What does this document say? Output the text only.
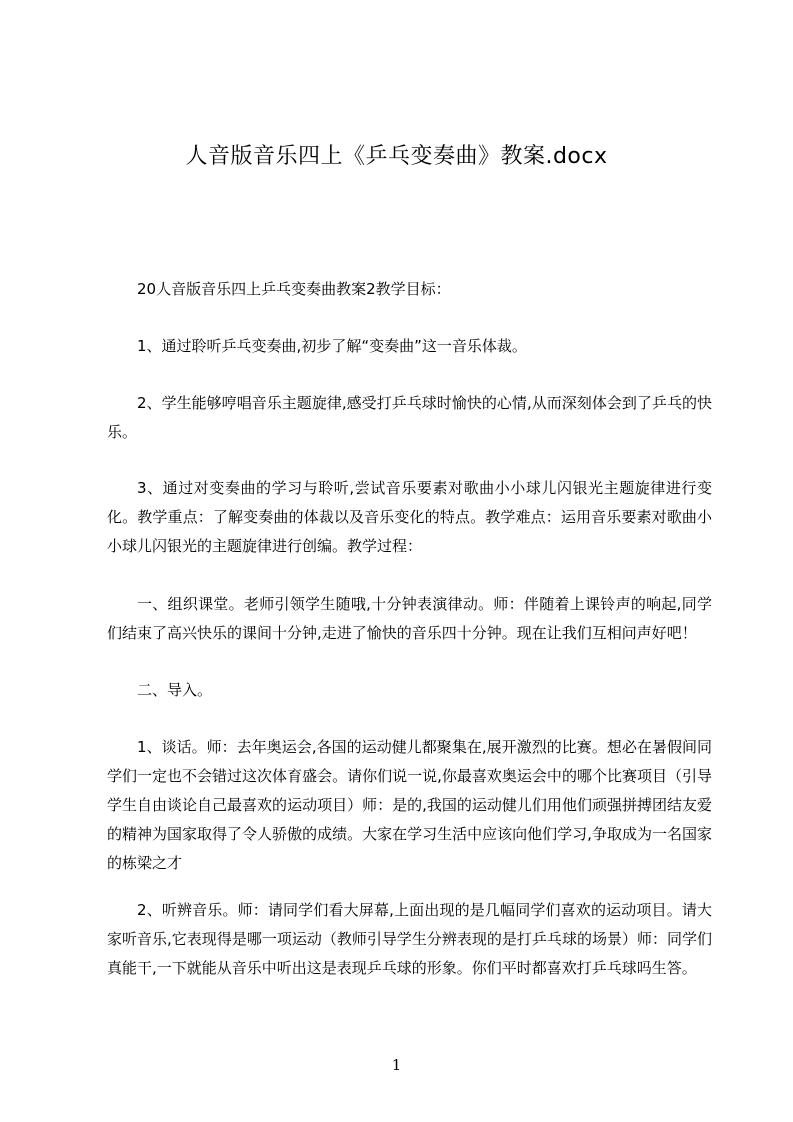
人音版音乐四上《乒乓变奏曲》教案.docx

20人音版音乐四上乒乓变奏曲教案2教学目标：

1、通过聆听乒乓变奏曲,初步了解“变奏曲”这一音乐体裁。

2、学生能够哼唱音乐主题旋律,感受打乒乓球时愉快的心情,从而深刻体会到了乒乓的快乐。

3、通过对变奏曲的学习与聆听,尝试音乐要素对歌曲小小球儿闪银光主题旋律进行变化。教学重点：了解变奏曲的体裁以及音乐变化的特点。教学难点：运用音乐要素对歌曲小小球儿闪银光的主题旋律进行创编。教学过程：

一、组织课堂。老师引领学生随哦,十分钟表演律动。师：伴随着上课铃声的响起,同学们结束了高兴快乐的课间十分钟,走进了愉快的音乐四十分钟。现在让我们互相问声好吧！

二、导入。

1、谈话。师：去年奥运会,各国的运动健儿都聚集在,展开激烈的比赛。想必在暑假间同学们一定也不会错过这次体育盛会。请你们说一说,你最喜欢奥运会中的哪个比赛项目（引导学生自由谈论自己最喜欢的运动项目）师：是的,我国的运动健儿们用他们顽强拼搏团结友爱的精神为国家取得了令人骄傲的成绩。大家在学习生活中应该向他们学习,争取成为一名国家的栋梁之才

2、听辨音乐。师：请同学们看大屏幕,上面出现的是几幅同学们喜欢的运动项目。请大家听音乐,它表现得是哪一项运动（教师引导学生分辨表现的是打乒乓球的场景）师：同学们真能干,一下就能从音乐中听出这是表现乒乓球的形象。你们平时都喜欢打乒乓球吗生答。

1
